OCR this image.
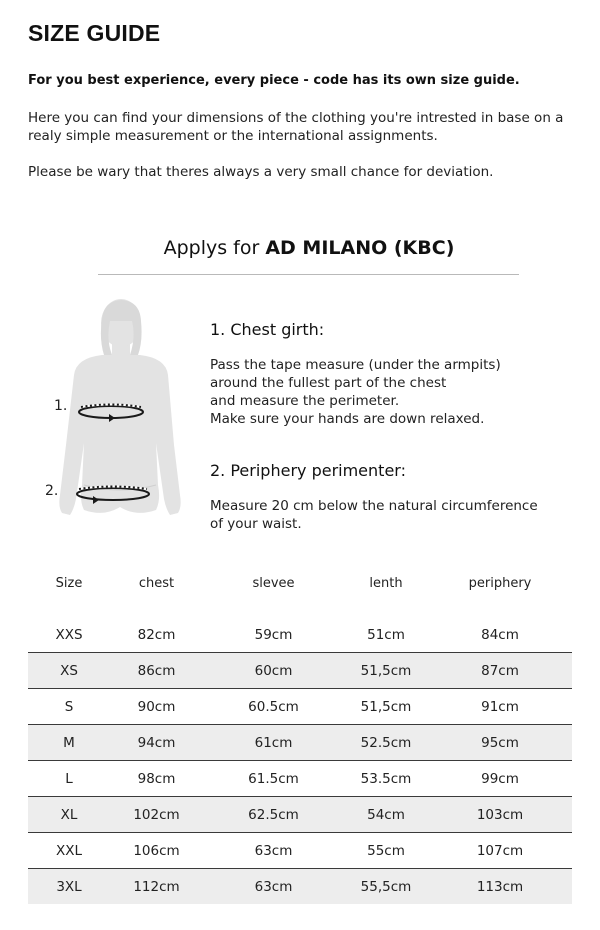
SIZE GUIDE

For you best experience, every piece - code has its own size guide.

Here you can find your dimensions of the clothing you're intrested in base on a realy simple measurement or the international assignments.

Please be wary that theres always a very small chance for deviation.

Applys for AD MILANO (KBC)

1.
2.

1. Chest girth:

Pass the tape measure (under the armpits)
around the fullest part of the chest
and measure the perimeter.
Make sure your hands are down relaxed.

2. Periphery perimenter:

Measure 20 cm below the natural circumference
of your waist.

Size	chest	slevee	lenth	periphery

XXS	82cm	59cm	51cm	84cm
XS	86cm	60cm	51,5cm	87cm
S	90cm	60.5cm	51,5cm	91cm
M	94cm	61cm	52.5cm	95cm
L	98cm	61.5cm	53.5cm	99cm
XL	102cm	62.5cm	54cm	103cm
XXL	106cm	63cm	55cm	107cm
3XL	112cm	63cm	55,5cm	113cm
